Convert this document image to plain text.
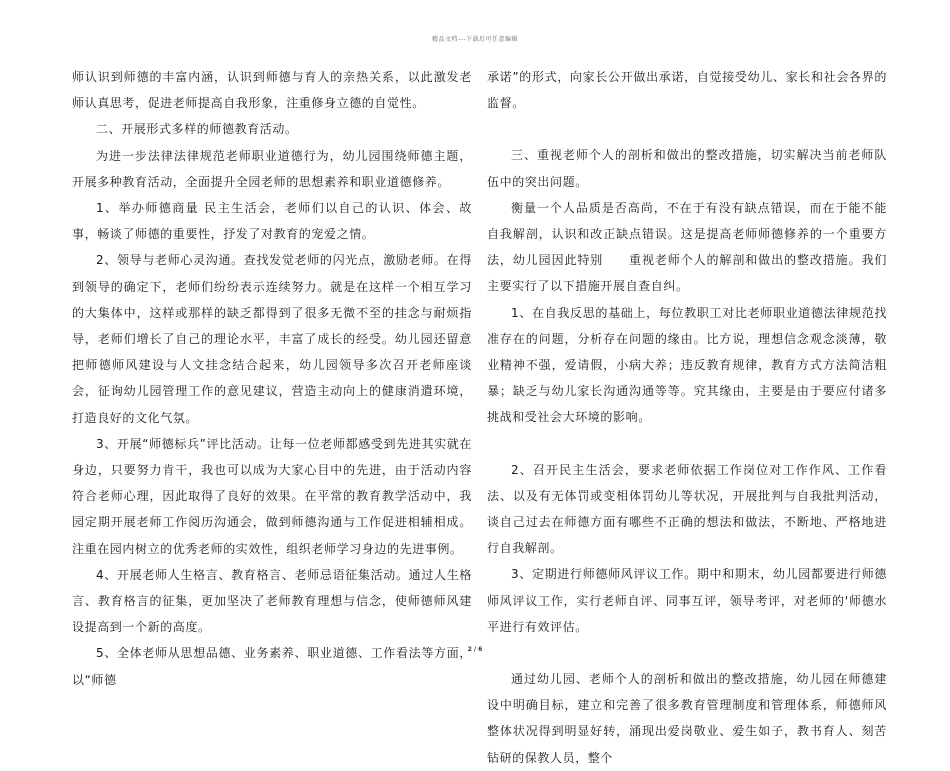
精品文档---下载后可任意编辑

师认识到师德的丰富内涵，认识到师德与育人的亲热关系，以此激发老师认真思考，促进老师提高自我形象，注重修身立德的自觉性。

二、开展形式多样的师德教育活动。

为进一步法律法律规范老师职业道德行为，幼儿园围绕师德主题，开展多种教育活动，全面提升全园老师的思想素养和职业道德修养。

1、举办师德商量 民主生活会，老师们以自己的认识、体会、故事，畅谈了师德的重要性，抒发了对教育的宠爱之情。

2、领导与老师心灵沟通。查找发觉老师的闪光点，激励老师。在得到领导的确定下，老师们纷纷表示连续努力。就是在这样一个相互学习的大集体中，这样或那样的缺乏都得到了很多无微不至的挂念与耐烦指导，老师们增长了自己的理论水平，丰富了成长的经受。幼儿园还留意把师德师风建设与人文挂念结合起来，幼儿园领导多次召开老师座谈会，征询幼儿园管理工作的意见建议，营造主动向上的健康消遣环境，打造良好的文化气氛。

3、开展“师德标兵”评比活动。让每一位老师都感受到先进其实就在身边，只要努力肯干，我也可以成为大家心目中的先进，由于活动内容符合老师心理，因此取得了良好的效果。在平常的教育教学活动中，我园定期开展老师工作阅历沟通会，做到师德沟通与工作促进相辅相成。注重在园内树立的优秀老师的实效性，组织老师学习身边的先进事例。

4、开展老师人生格言、教育格言、老师忌语征集活动。通过人生格言、教育格言的征集，更加坚决了老师教育理想与信念，使师德师风建设提高到一个新的高度。

5、全体老师从思想品德、业务素养、职业道德、工作看法等方面，以“师德

承诺”的形式，向家长公开做出承诺，自觉接受幼儿、家长和社会各界的监督。

三、重视老师个人的剖析和做出的整改措施，切实解决当前老师队伍中的突出问题。

衡量一个人品质是否高尚，不在于有没有缺点错误，而在于能不能自我解剖，认识和改正缺点错误。这是提高老师师德修养的一个重要方法，幼儿园因此特别　　重视老师个人的解剖和做出的整改措施。我们主要实行了以下措施开展自查自纠。

1、在自我反思的基础上，每位教职工对比老师职业道德法律规范找准存在的问题，分析存在问题的缘由。比方说，理想信念观念淡薄，敬业精神不强，爱请假，小病大养；违反教育规律，教育方式方法简洁粗暴；缺乏与幼儿家长沟通沟通等等。究其缘由，主要是由于要应付诸多挑战和受社会大环境的影响。

2、召开民主生活会，要求老师依据工作岗位对工作作风、工作看法、以及有无体罚或变相体罚幼儿等状况，开展批判与自我批判活动，谈自己过去在师德方面有哪些不正确的想法和做法，不断地、严格地进行自我解剖。

3、定期进行师德师风评议工作。期中和期末，幼儿园都要进行师德师风评议工作，实行老师自评、同事互评，领导考评，对老师的'师德水平进行有效评估。

通过幼儿园、老师个人的剖析和做出的整改措施，幼儿园在师德建设中明确目标，建立和完善了很多教育管理制度和管理体系，师德师风整体状况得到明显好转，涌现出爱岗敬业、爱生如子，教书育人、刻苦钻研的保教人员，整个

2 / 6
